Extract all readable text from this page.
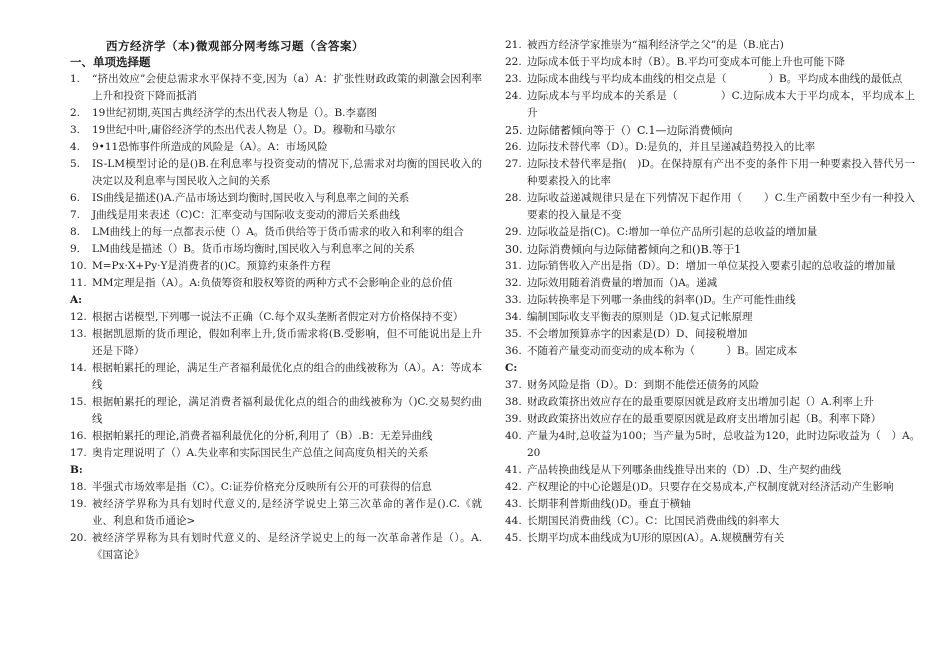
西方经济学（本)微观部分网考练习题（含答案）
一、单项选择题
1. “挤出效应”会使总需求水平保持不变,因为（a）A：扩张性财政政策的刺激会因利率上升和投资下降而抵消
2. 19世纪初期,英国古典经济学的杰出代表人物是（）。B.李嘉图
3. 19世纪中叶,庸俗经济学的杰出代表人物是（）。D。穆勒和马歇尔
4. 9•11恐怖事件所造成的风险是（A）。A：市场风险
5. IS-LM模型讨论的是()B.在利息率与投资变动的情况下,总需求对均衡的国民收入的决定以及利息率与国民收入之间的关系
6. IS曲线是描述()A.产品市场达到均衡时,国民收入与利息率之间的关系
7. J曲线是用来表述（C)C：汇率变动与国际收支变动的滞后关系曲线
8. LM曲线上的每一点都表示使（）A。货币供给等于货币需求的收入和利率的组合
9. LM曲线是描述（）B。货币市场均衡时,国民收入与利息率之间的关系
10. M=Px·X+Py·Y是消费者的()C。预算约束条件方程
11. MM定理是指（A）。A:负债筹资和股权筹资的两种方式不会影响企业的总价值
A:
12. 根据古诺模型,下列哪一说法不正确（C.每个双头垄断者假定对方价格保持不变）
13. 根据凯恩斯的货币理论，假如利率上升,货币需求将(B.受影响，但不可能说出是上升还是下降）
14. 根据帕累托的理论，满足生产者福利最优化点的组合的曲线被称为（A）。A：等成本线
15. 根据帕累托的理论，满足消费者福利最优化点的组合的曲线被称为（)C.交易契约曲线
16. 根据帕累托的理论,消费者福利最优化的分析,利用了（B）.B：无差异曲线
17. 奥肯定理说明了（）A.失业率和实际国民生产总值之间高度负相关的关系
B:
18. 半强式市场效率是指（C）。C:证券价格充分反映所有公开的可获得的信息
19. 被经济学界称为具有划时代意义的,是经济学说史上第三次革命的著作是().C.《就业、利息和货币通论>
20. 被经济学界称为具有划时代意义的、是经济学说史上的每一次革命著作是（）。A.《国富论》
21. 被西方经济学家推崇为“福利经济学之父”的是（B.庇古)
22. 边际成本低于平均成本时（B）。B.平均可变成本可能上升也可能下降
23. 边际成本曲线与平均成本曲线的相交点是（　　　　）B。平均成本曲线的最低点
24. 边际成本与平均成本的关系是（　　　　）C.边际成本大于平均成本，平均成本上升
25. 边际储蓄倾向等于（）C.1—边际消费倾向
26. 边际技术替代率（D）。D:是负的，并且呈递减趋势投入的比率
27. 边际技术替代率是指(　)D。在保持原有产出不变的条件下用一种要素投入替代另一种要素投入的比率
28. 边际收益递减规律只是在下列情况下起作用（　　）C.生产函数中至少有一种投入要素的投入量是不变
29. 边际收益是指(C)。C:增加一单位产品所引起的总收益的增加量
30. 边际消费倾向与边际储蓄倾向之和()B.等于1
31. 边际销售收入产出是指（D）。D：增加一单位某投入要素引起的总收益的增加量
32. 边际效用随着消费量的增加而（)A。递减
33. 边际转换率是下列哪一条曲线的斜率()D。生产可能性曲线
34. 编制国际收支平衡表的原则是（)D.复式记帐原理
35. 不会增加预算赤字的因素是(D）D、间接税增加
36. 不随着产量变动而变动的成本称为（　　　）B。固定成本
C:
37. 财务风险是指（D）。D：到期不能偿还债务的风险
38. 财政政策挤出效应存在的最重要原因就是政府支出增加引起（）A.利率上升
39. 财政政策挤出效应存在的最重要原因就是政府支出增加引起（B。利率下降）
40. 产量为4时,总收益为100；当产量为5时，总收益为120，此时边际收益为（　）A。　20
41. 产品转换曲线是从下列哪条曲线推导出来的（D）.D、生产契约曲线
42. 产权理论的中心论题是()D。只要存在交易成本,产权制度就对经济活动产生影响
43. 长期菲利普斯曲线()D。垂直于横轴
44. 长期国民消费曲线（C）。C：比国民消费曲线的斜率大
45. 长期平均成本曲线成为U形的原因(A）。A.规模酬劳有关
